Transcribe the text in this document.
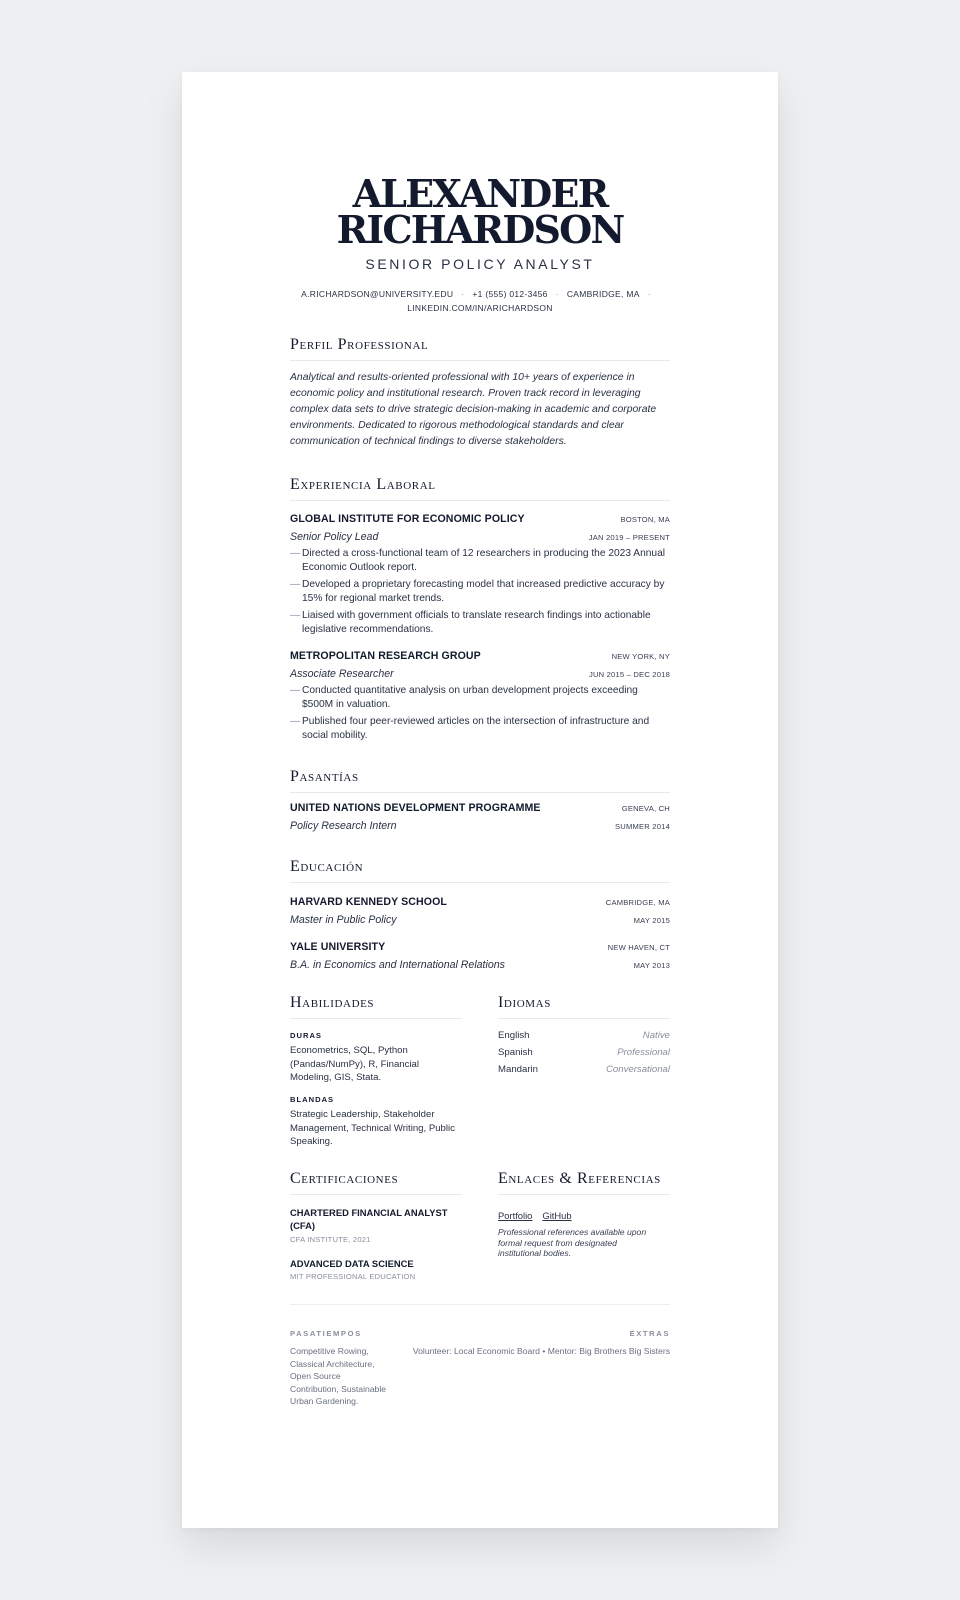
ALEXANDER
RICHARDSON
SENIOR POLICY ANALYST
A.RICHARDSON@UNIVERSITY.EDU · +1 (555) 012-3456 · CAMBRIDGE, MA ·
LINKEDIN.COM/IN/ARICHARDSON
Perfil Professional

Analytical and results-oriented professional with 10+ years of experience in economic policy and institutional research. Proven track record in leveraging complex data sets to drive strategic decision-making in academic and corporate environments. Dedicated to rigorous methodological standards and clear communication of technical findings to diverse stakeholders.

Experiencia Laboral
GLOBAL INSTITUTE FOR ECONOMIC POLICY	BOSTON, MA
Senior Policy Lead	JAN 2019 – PRESENT
— Directed a cross-functional team of 12 researchers in producing the 2023 Annual Economic Outlook report.
— Developed a proprietary forecasting model that increased predictive accuracy by 15% for regional market trends.
— Liaised with government officials to translate research findings into actionable legislative recommendations.
METROPOLITAN RESEARCH GROUP	NEW YORK, NY
Associate Researcher	JUN 2015 – DEC 2018
— Conducted quantitative analysis on urban development projects exceeding $500M in valuation.
— Published four peer-reviewed articles on the intersection of infrastructure and social mobility.
Pasantías
UNITED NATIONS DEVELOPMENT PROGRAMME	GENEVA, CH
Policy Research Intern	SUMMER 2014
Educación
HARVARD KENNEDY SCHOOL	CAMBRIDGE, MA
Master in Public Policy	MAY 2015
YALE UNIVERSITY	NEW HAVEN, CT
B.A. in Economics and International Relations	MAY 2013
Habilidades
DURAS
Econometrics, SQL, Python (Pandas/NumPy), R, Financial Modeling, GIS, Stata.
BLANDAS
Strategic Leadership, Stakeholder Management, Technical Writing, Public Speaking.
Idiomas
English	Native
Spanish	Professional
Mandarin	Conversational
Certificaciones
CHARTERED FINANCIAL ANALYST (CFA)
CFA INSTITUTE, 2021
ADVANCED DATA SCIENCE
MIT PROFESSIONAL EDUCATION
Enlaces & Referencias
Portfolio GitHub
Professional references available upon formal request from designated institutional bodies.
PASATIEMPOS
Competitive Rowing, Classical Architecture, Open Source Contribution, Sustainable Urban Gardening.
EXTRAS
Volunteer: Local Economic Board • Mentor: Big Brothers Big Sisters
